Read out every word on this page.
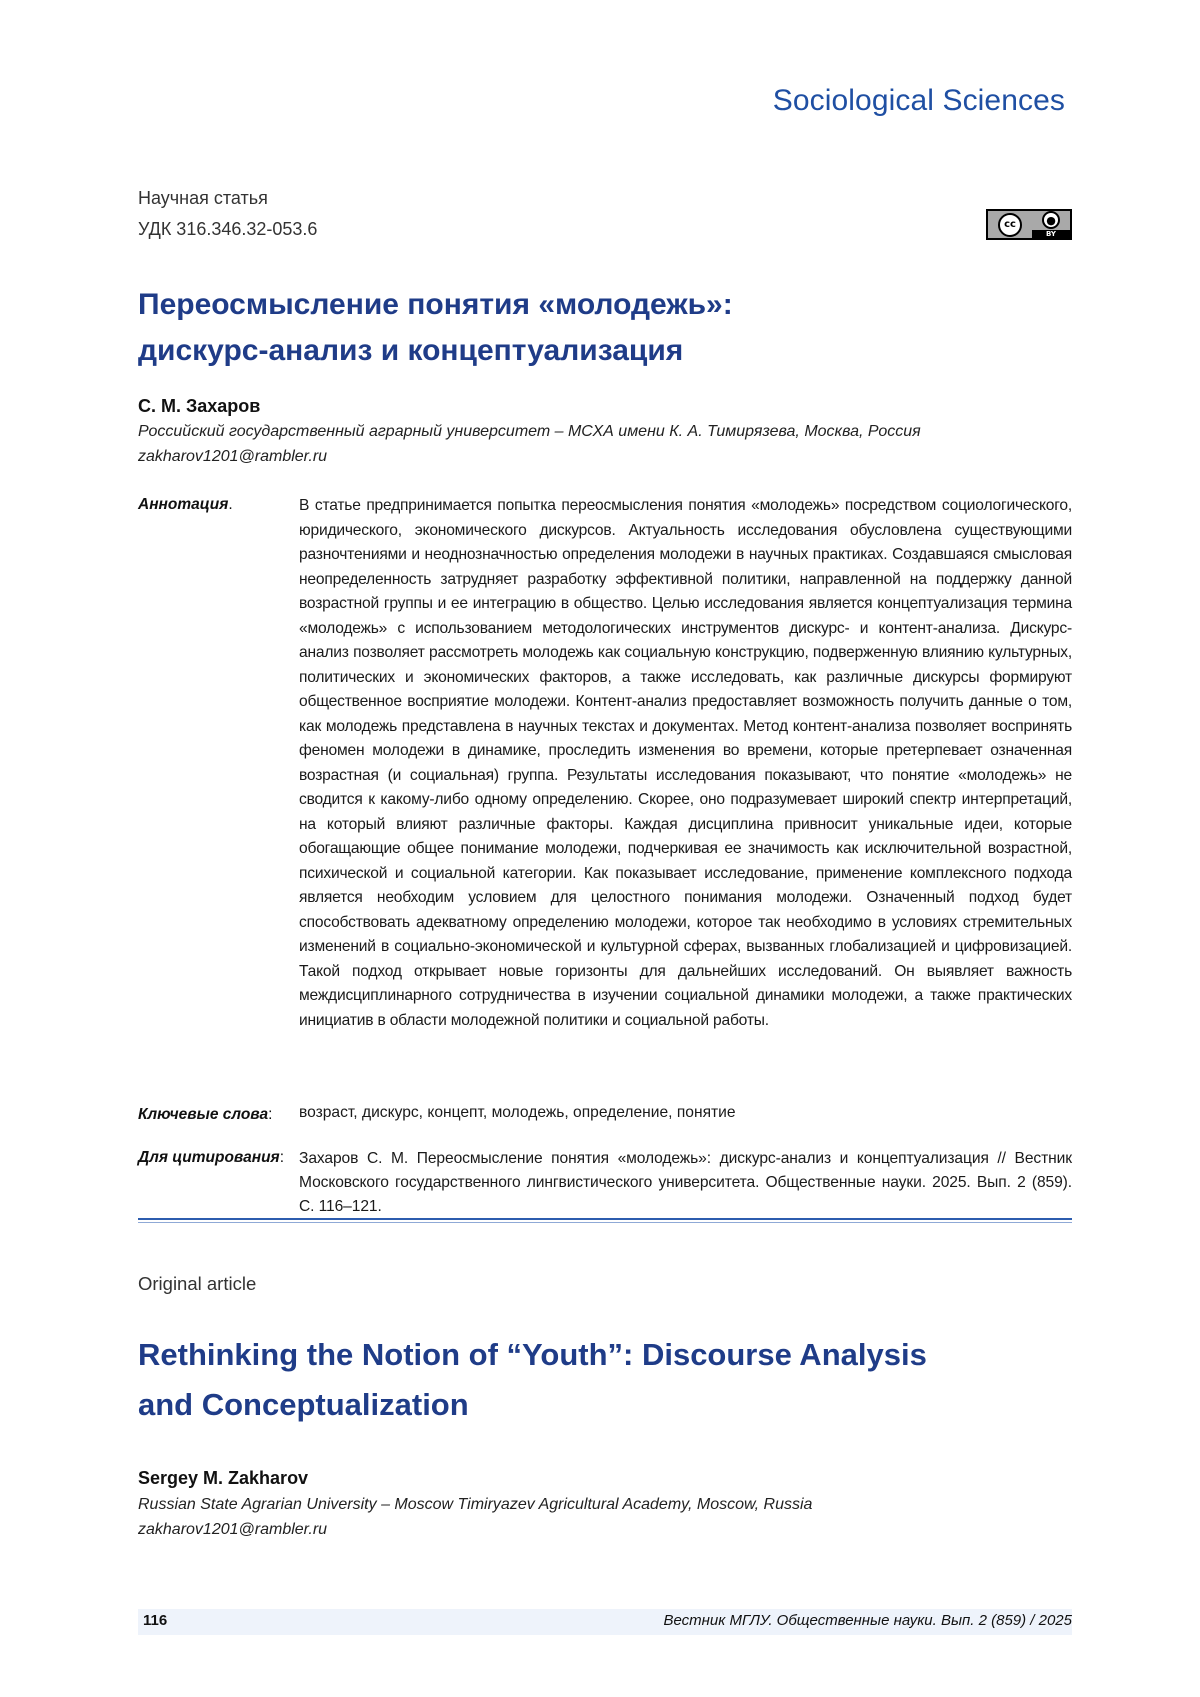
Sociological Sciences
Научная статья
УДК 316.346.32-053.6	cc	●
BY
Переосмысление понятия «молодежь»:
дискурс-анализ и концептуализация
С. М. Захаров
Российский государственный аграрный университет – МСХА имени К. А. Тимирязева, Москва, Россия
zakharov1201@rambler.ru
Аннотация.	В статье предпринимается попытка переосмысления понятия «молодежь» посредством социологического, юридического, экономического дискурсов. Актуальность исследования обусловлена существующими разночтениями и неоднозначностью определения молодежи в научных практиках. Создавшаяся смысловая неопределенность затрудняет разработку эффективной политики, направленной на поддержку данной возрастной группы и ее интеграцию в общество. Целью исследования является концептуализация термина «молодежь» с использованием методологических инструментов дискурс- и контент-анализа. Дискурс-анализ позволяет рассмотреть молодежь как социальную конструкцию, подверженную влиянию культурных, политических и экономических факторов, а также исследовать, как различные дискурсы формируют общественное восприятие молодежи. Контент-анализ предоставляет возможность получить данные о том, как молодежь представлена в научных текстах и документах. Метод контент-анализа позволяет воспринять феномен молодежи в динамике, проследить изменения во времени, которые претерпевает означенная возрастная (и социальная) группа. Результаты исследования показывают, что понятие «молодежь» не сводится к какому-либо одному определению. Скорее, оно подразумевает широкий спектр интерпретаций, на который влияют различные факторы. Каждая дисциплина привносит уникальные идеи, которые обогащающие общее понимание молодежи, подчеркивая ее значимость как исключительной возрастной, психической и социальной категории. Как показывает исследование, применение комплексного подхода является необходим условием для целостного понимания молодежи. Означенный подход будет способствовать адекватному определению молодежи, которое так необходимо в условиях стремительных изменений в социально-экономической и культурной сферах, вызванных глобализацией и цифровизацией. Такой подход открывает новые горизонты для дальнейших исследований. Он выявляет важность междисциплинарного сотрудничества в изучении социальной динамики молодежи, а также практических инициатив в области молодежной политики и социальной работы.
Ключевые слова: возраст, дискурс, концепт, молодежь, определение, понятие
Для цитирования: Захаров С. М. Переосмысление понятия «молодежь»: дискурс-анализ и концептуализация // Вестник Московского государственного лингвистического университета. Общественные науки. 2025. Вып. 2 (859). С. 116–121.
Original article
Rethinking the Notion of “Youth”: Discourse Analysis
and Conceptualization
Sergey M. Zakharov
Russian State Agrarian University – Moscow Timiryazev Agricultural Academy, Moscow, Russia
zakharov1201@rambler.ru
116	Вестник МГЛУ. Общественные науки. Вып. 2 (859) / 2025
